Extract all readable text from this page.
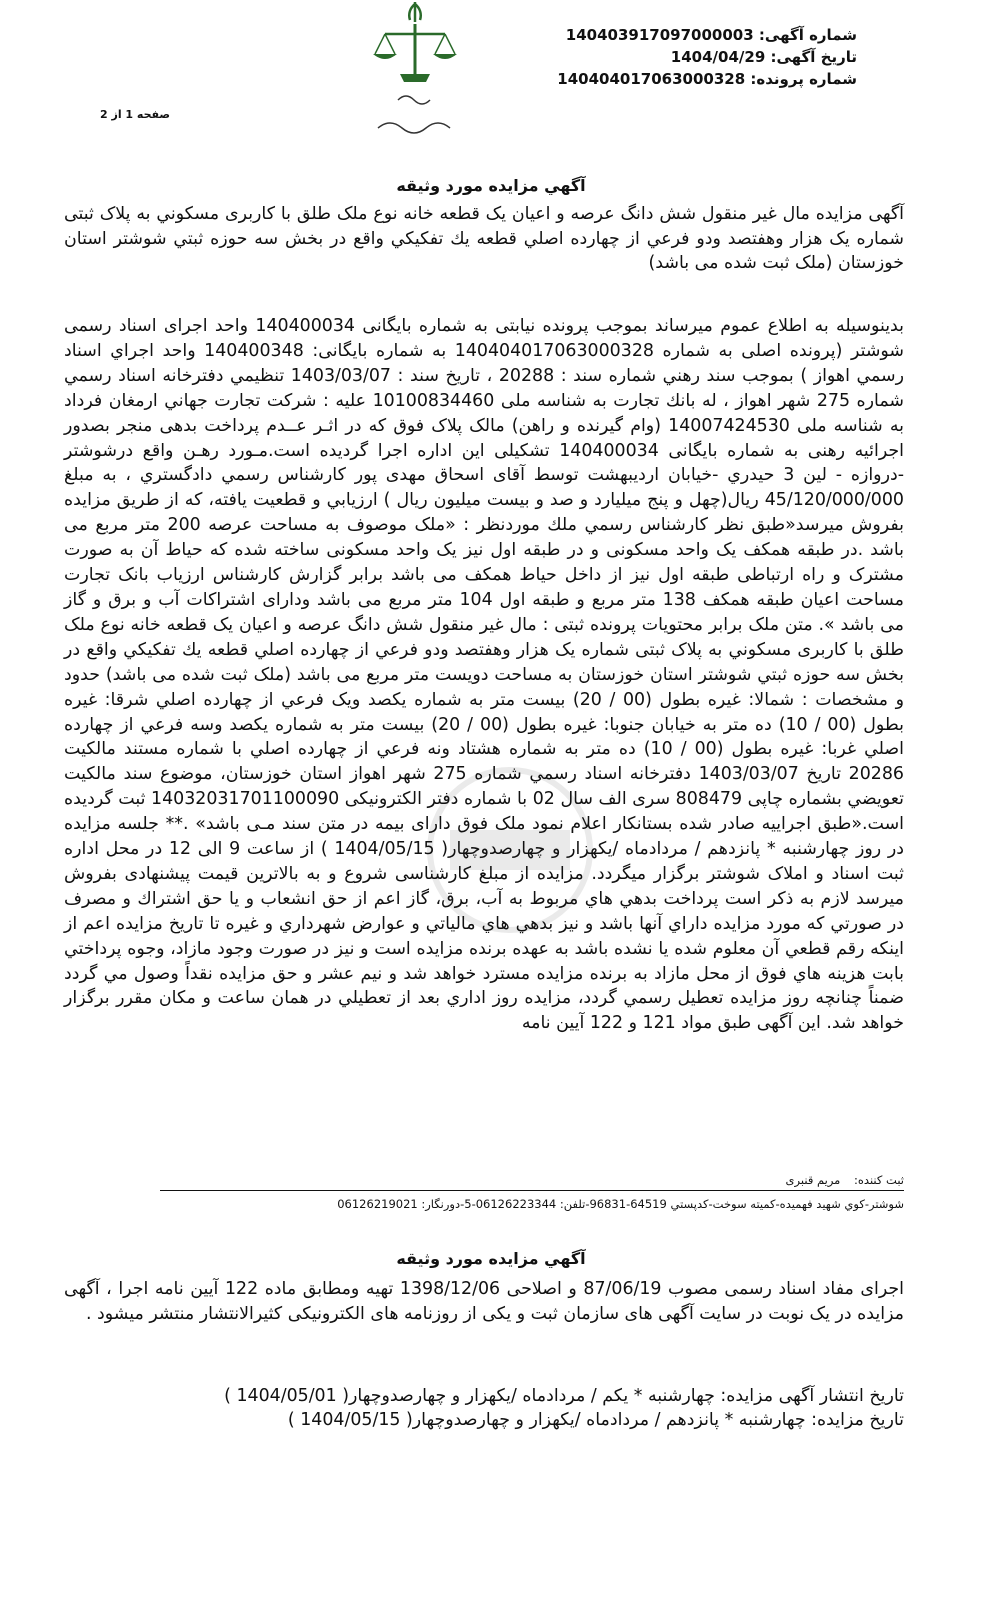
شماره آگهی: 140403917097000003
تاریخ آگهی: 1404/04/29
شماره پرونده: 140404017063000328
صفحه 1 از 2
آگهي مزايده مورد وثيقه
آگهی مزایده مال غیر منقول شش دانگ عرصه و اعیان یک قطعه خانه نوع ملک طلق با کاربری مسكوني به پلاک ثبتی شماره یک هزار وهفتصد ودو فرعي از چهارده اصلي قطعه يك تفكيكي واقع در بخش سه حوزه ثبتي شوشتر استان خوزستان (ملک ثبت شده می باشد)
بدینوسیله به اطلاع عموم میرساند بموجب پرونده نیابتی به شماره بایگانی 140400034 واحد اجرای اسناد رسمی شوشتر (پرونده اصلی به شماره 140404017063000328 به شماره بایگانی: 140400348 واحد اجراي اسناد رسمي اهواز ) بموجب سند رهني شماره سند : 20288 ، تاريخ سند : 1403/03/07 تنظيمي دفترخانه اسناد رسمي شماره 275 شهر اهواز ، له بانك تجارت به شناسه ملی 10100834460 علیه : شركت تجارت جهاني ارمغان فرداد به شناسه ملی 14007424530 (وام گیرنده و راهن) مالک پلاک فوق که در اثـر عــدم پرداخت بدهی منجر بصدور اجرائیه رهنی به شماره بایگانی 140400034 تشکیلی این اداره اجرا گردیده است.مـورد رهـن واقع درشوشتر -دروازه - لين 3 حيدري -خيابان ارديبهشت توسط آقای اسحاق مهدی پور كارشناس رسمي دادگستري ، به مبلغ 45/120/000/000 ريال(چهل و پنج ميليارد و صد و بيست ميليون ريال ) ارزيابي و قطعيت يافته، که از طریق مزایده بفروش میرسد«طبق نظر كارشناس رسمي ملك موردنظر : «ملک موصوف به مساحت عرصه 200 متر مربع می باشد .در طبقه همکف یک واحد مسکونی و در طبقه اول نیز یک واحد مسکونی ساخته شده که حیاط آن به صورت مشترک و راه ارتباطی طبقه اول نیز از داخل حیاط همکف می باشد برابر گزارش کارشناس ارزیاب بانک تجارت مساحت اعیان طبقه همکف 138 متر مربع و طبقه اول 104 متر مربع می باشد ودارای اشتراکات آب و برق و گاز می باشد ». متن ملک برابر محتویات پرونده ثبتی : مال غیر منقول شش دانگ عرصه و اعیان یک قطعه خانه نوع ملک طلق با کاربری مسكوني به پلاک ثبتی شماره یک هزار وهفتصد ودو فرعي از چهارده اصلي قطعه يك تفكيكي واقع در بخش سه حوزه ثبتي شوشتر استان خوزستان به مساحت دویست متر مربع می باشد (ملک ثبت شده می باشد) حدود و مشخصات : شمالا: غيره بطول (00 / 20) بیست متر به شماره یکصد ویک فرعي از چهارده اصلي شرقا: غيره بطول (00 / 10) ده متر به خيابان جنوبا: غيره بطول (00 / 20) بیست متر به شماره یکصد وسه فرعي از چهارده اصلي غربا: غيره بطول (00 / 10) ده متر به شماره هشتاد ونه فرعي از چهارده اصلي با شماره مستند مالكيت 20286 تاریخ 1403/03/07 دفترخانه اسناد رسمي شماره 275 شهر اهواز استان خوزستان، موضوع سند مالکیت تعویضي بشماره چاپی 808479 سری الف سال 02 با شماره دفتر الکترونیکی 14032031701100090 ثبت گردیده است.«طبق اجراییه صادر شده بستانکار اعلام نمود ملک فوق دارای بیمه در متن سند مـی باشد» .** جلسه مزايده در روز چهارشنبه * پانزدهم / مردادماه /یکهزار و چهارصدوچهار( 1404/05/15 ) از ساعت 9 الی 12 در محل اداره ثبت اسناد و املاک شوشتر برگزار میگردد. مزایده از مبلغ کارشناسی شروع و به بالاترین قیمت پیشنهادی بفروش میرسد لازم به ذکر است پرداخت بدهي هاي مربوط به آب، برق، گاز اعم از حق انشعاب و يا حق اشتراك و مصرف در صورتي كه مورد مزايده داراي آنها باشد و نيز بدهي هاي مالياتي و عوارض شهرداري و غيره تا تاريخ مزايده اعم از اينكه رقم قطعي آن معلوم شده يا نشده باشد به عهده برنده مزايده است و نيز در صورت وجود مازاد، وجوه پرداختي بابت هزينه هاي فوق از محل مازاد به برنده مزايده مسترد خواهد شد و نيم عشر و حق مزايده نقداً وصول مي گردد ضمناً چنانچه روز مزايده تعطيل رسمي گردد، مزايده روز اداري بعد از تعطيلي در همان ساعت و مكان مقرر برگزار خواهد شد. این آگهی طبق مواد 121 و 122 آیین نامه
ثبت کننده: مریم قنبری
شوشتر-كوي شهيد فهميده-كميته سوخت-كدپستي 64519-96831-تلفن: 06126223344-5-دورنگار: 06126219021
آگهي مزايده مورد وثيقه
اجرای مفاد اسناد رسمی مصوب 87/06/19 و اصلاحی 1398/12/06 تهیه ومطابق ماده 122 آیین نامه اجرا ، آگهی مزایده در یک نوبت در سایت آگهی های سازمان ثبت و یکی از روزنامه های الکترونیکی کثیرالانتشار منتشر میشود .
تاریخ انتشار آگهی مزایده: چهارشنبه * یکم / مردادماه /یکهزار و چهارصدوچهار( 1404/05/01 )
تاریخ مزایده: چهارشنبه * پانزدهم / مردادماه /یکهزار و چهارصدوچهار( 1404/05/15 )
